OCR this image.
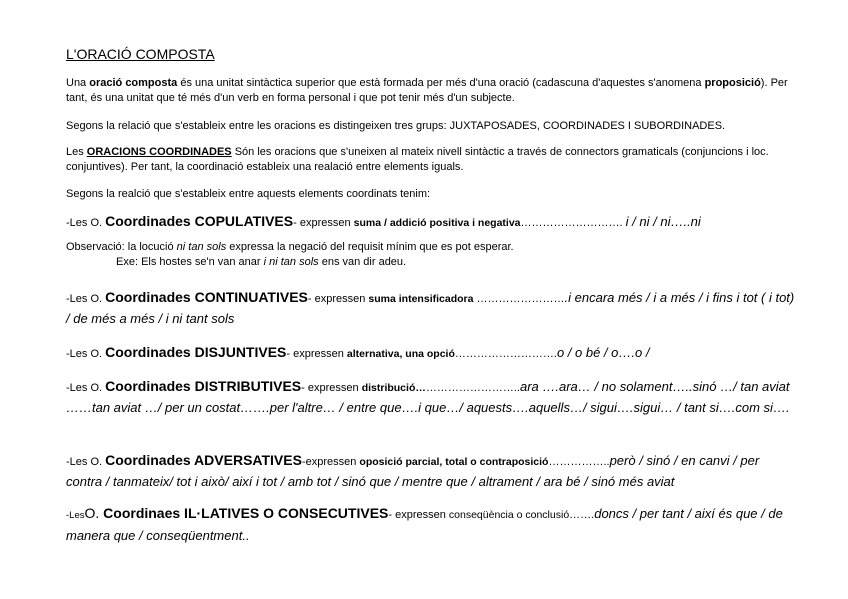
L'ORACIÓ COMPOSTA
Una oració composta és una unitat sintàctica superior que està formada per més d'una oració (cadascuna d'aquestes s'anomena proposició). Per tant, és una unitat que té més d'un verb en forma personal i que pot tenir més d'un subjecte.
Segons la relació que s'estableix entre les oracions es distingeixen tres grups: JUXTAPOSADES, COORDINADES I SUBORDINADES.
Les ORACIONS COORDINADES Són les oracions que s'uneixen al mateix nivell sintàctic a través de connectors gramaticals (conjuncions i loc. conjuntives). Per tant, la coordinació estableix una realació entre elements iguals.
Segons la realció que s'estableix entre aquests elements coordinats tenim:
-Les O. Coordinades COPULATIVES- expressen suma / addició positiva i negativa………………………. i / ni / ni…..ni
Observació: la locució ni tan sols expressa la negació del requisit mínim que es pot esperar.
Exe: Els hostes se'n van anar i ni tan sols ens van dir adeu.
-Les O. Coordinades CONTINUATIVES- expressen suma intensificadora …………………….i encara més / i a més / i fins i tot ( i tot) / de més a més / i ni tant sols
-Les O. Coordinades DISJUNTIVES- expressen alternativa, una opció……………………….o / o bé / o….o /
-Les O. Coordinades DISTRIBUTIVES- expressen distribució………………………..ara ….ara… / no solament…..sinó …/ tan aviat ……tan aviat …/ per un costat…….per l'altre… / entre que….i que…/ aquests….aquells…/ sigui….sigui… / tant si….com si….
-Les O. Coordinades ADVERSATIVES-expressen oposició parcial, total o contraposició……………..però / sinó / en canvi / per contra / tanmateix/ tot i això/ així i tot / amb tot / sinó que / mentre que / altrament / ara bé / sinó més aviat
-LesO. Coordinaes IL·LATIVES O CONSECUTIVES- expressen conseqüència o conclusió…….doncs / per tant / així és que / de manera que / conseqüentment..
